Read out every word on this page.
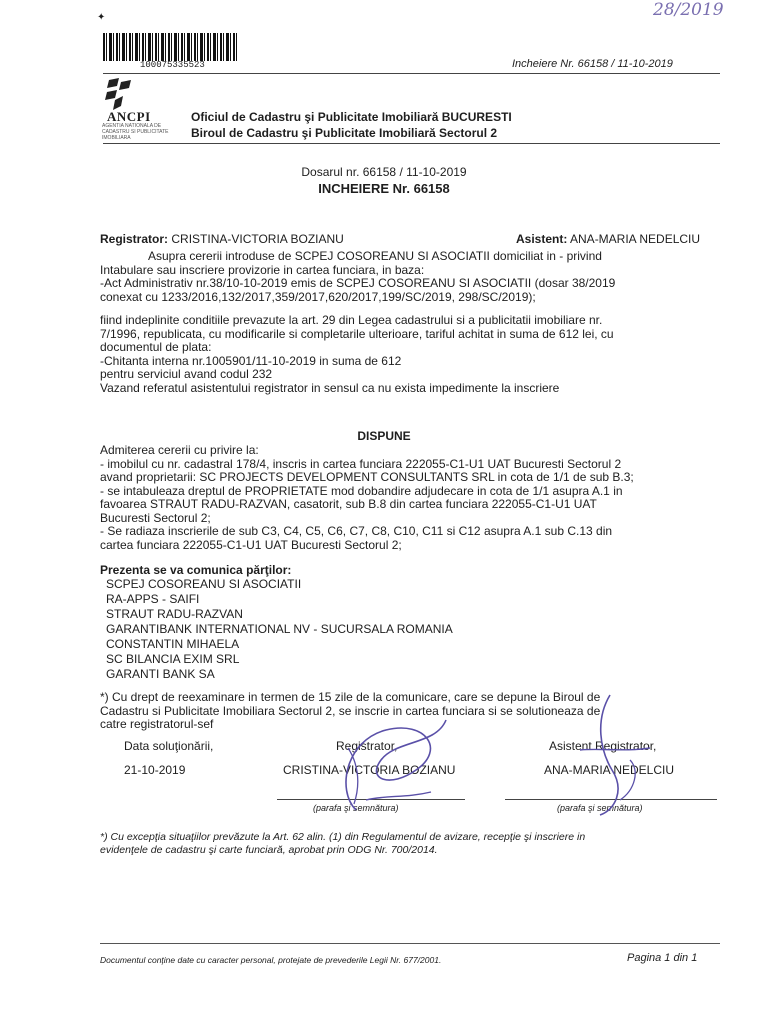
28/2019
✦
100075335523	Incheiere Nr. 66158 / 11-10-2019
ANCPI
AGENTIA NATIONALA DE CADASTRU SI PUBLICITATE IMOBILIARA
Oficiul de Cadastru şi Publicitate Imobiliară BUCURESTI
Biroul de Cadastru şi Publicitate Imobiliară Sectorul 2
Dosarul nr. 66158 / 11-10-2019
INCHEIERE Nr. 66158
Registrator: CRISTINA-VICTORIA BOZIANU	Asistent: ANA-MARIA NEDELCIU
Asupra cererii introduse de SCPEJ COSOREANU SI ASOCIATII domiciliat in - privind
Intabulare sau inscriere provizorie in cartea funciara, in baza:
-Act Administrativ nr.38/10-10-2019 emis de SCPEJ COSOREANU SI ASOCIATII (dosar 38/2019
conexat cu 1233/2016,132/2017,359/2017,620/2017,199/SC/2019, 298/SC/2019);
fiind indeplinite conditiile prevazute la art. 29 din Legea cadastrului si a publicitatii imobiliare nr.
7/1996, republicata, cu modificarile si completarile ulterioare, tariful achitat in suma de 612 lei, cu
documentul de plata:
-Chitanta interna nr.1005901/11-10-2019 in suma de 612
pentru serviciul avand codul 232
Vazand referatul asistentului registrator in sensul ca nu exista impedimente la inscriere
DISPUNE
Admiterea cererii cu privire la:
- imobilul cu nr. cadastral 178/4, inscris in cartea funciara 222055-C1-U1 UAT Bucuresti Sectorul 2
avand proprietarii: SC PROJECTS DEVELOPMENT CONSULTANTS SRL in cota de 1/1 de sub B.3;
- se intabuleaza dreptul de PROPRIETATE mod dobandire adjudecare in cota de 1/1 asupra A.1 in
favoarea STRAUT RADU-RAZVAN, casatorit, sub B.8 din cartea funciara 222055-C1-U1 UAT
Bucuresti Sectorul 2;
- Se radiaza inscrierile de sub C3, C4, C5, C6, C7, C8, C10, C11 si C12 asupra A.1 sub C.13 din
cartea funciara 222055-C1-U1 UAT Bucuresti Sectorul 2;
Prezenta se va comunica părţilor:
SCPEJ COSOREANU SI ASOCIATII
RA-APPS - SAIFI
STRAUT RADU-RAZVAN
GARANTIBANK INTERNATIONAL NV - SUCURSALA ROMANIA
CONSTANTIN MIHAELA
SC BILANCIA EXIM SRL
GARANTI BANK SA
*) Cu drept de reexaminare in termen de 15 zile de la comunicare, care se depune la Biroul de
Cadastru si Publicitate Imobiliara Sectorul 2, se inscrie in cartea funciara si se solutioneaza de
catre registratorul-sef
Data soluţionării,
21-10-2019
Registrator,
CRISTINA-VICTORIA BOZIANU
(parafa şi semnătura)
Asistent Registrator,
ANA-MARIA NEDELCIU
(parafa şi semnătura)
*) Cu excepţia situaţiilor prevăzute la Art. 62 alin. (1) din Regulamentul de avizare, recepţie şi inscriere in
evidenţele de cadastru şi carte funciară, aprobat prin ODG Nr. 700/2014.
Documentul conţine date cu caracter personal, protejate de prevederile Legii Nr. 677/2001.	Pagina 1 din 1
